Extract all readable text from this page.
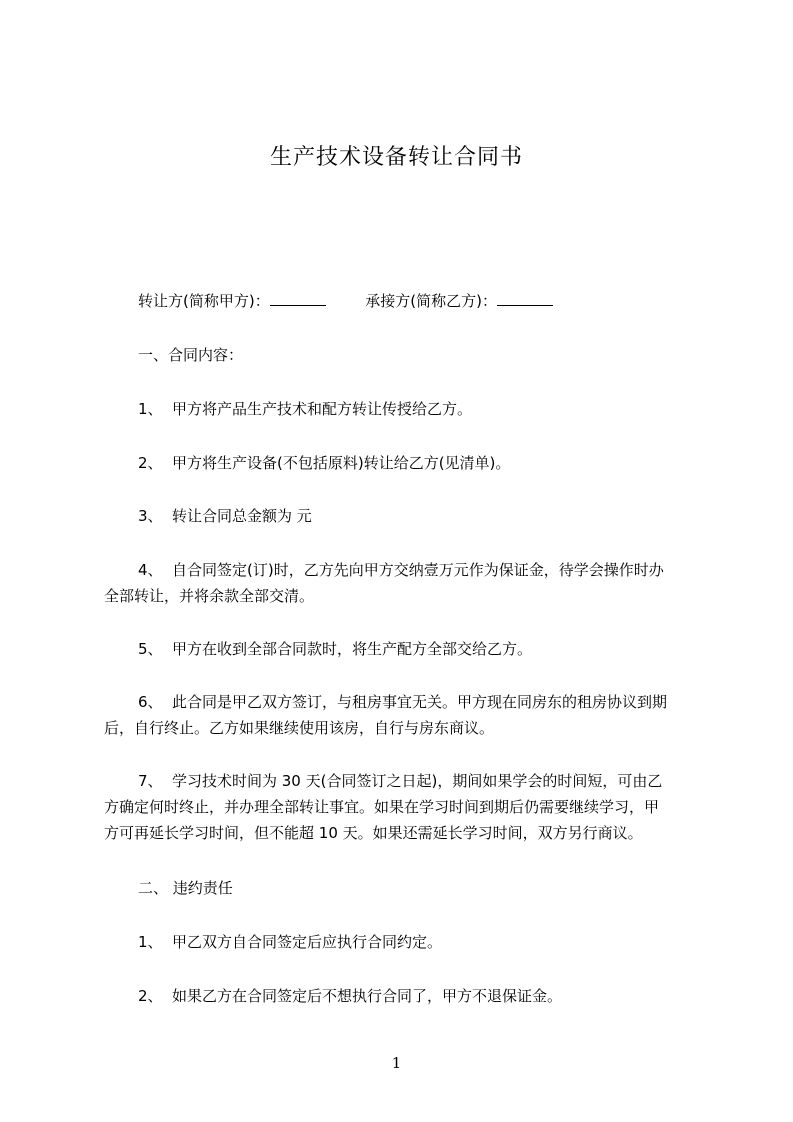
生产技术设备转让合同书
转让方(简称甲方)：	承接方(简称乙方)：
一、合同内容：
1、 甲方将产品生产技术和配方转让传授给乙方。
2、 甲方将生产设备(不包括原料)转让给乙方(见清单)。
3、 转让合同总金额为 元
4、 自合同签定(订)时，乙方先向甲方交纳壹万元作为保证金，待学会操作时办
全部转让，并将余款全部交清。
5、 甲方在收到全部合同款时，将生产配方全部交给乙方。
6、 此合同是甲乙双方签订，与租房事宜无关。甲方现在同房东的租房协议到期
后，自行终止。乙方如果继续使用该房，自行与房东商议。
7、 学习技术时间为 30 天(合同签订之日起)，期间如果学会的时间短，可由乙
方确定何时终止，并办理全部转让事宜。如果在学习时间到期后仍需要继续学习，甲
方可再延长学习时间，但不能超 10 天。如果还需延长学习时间，双方另行商议。
二、 违约责任
1、 甲乙双方自合同签定后应执行合同约定。
2、 如果乙方在合同签定后不想执行合同了，甲方不退保证金。
1
